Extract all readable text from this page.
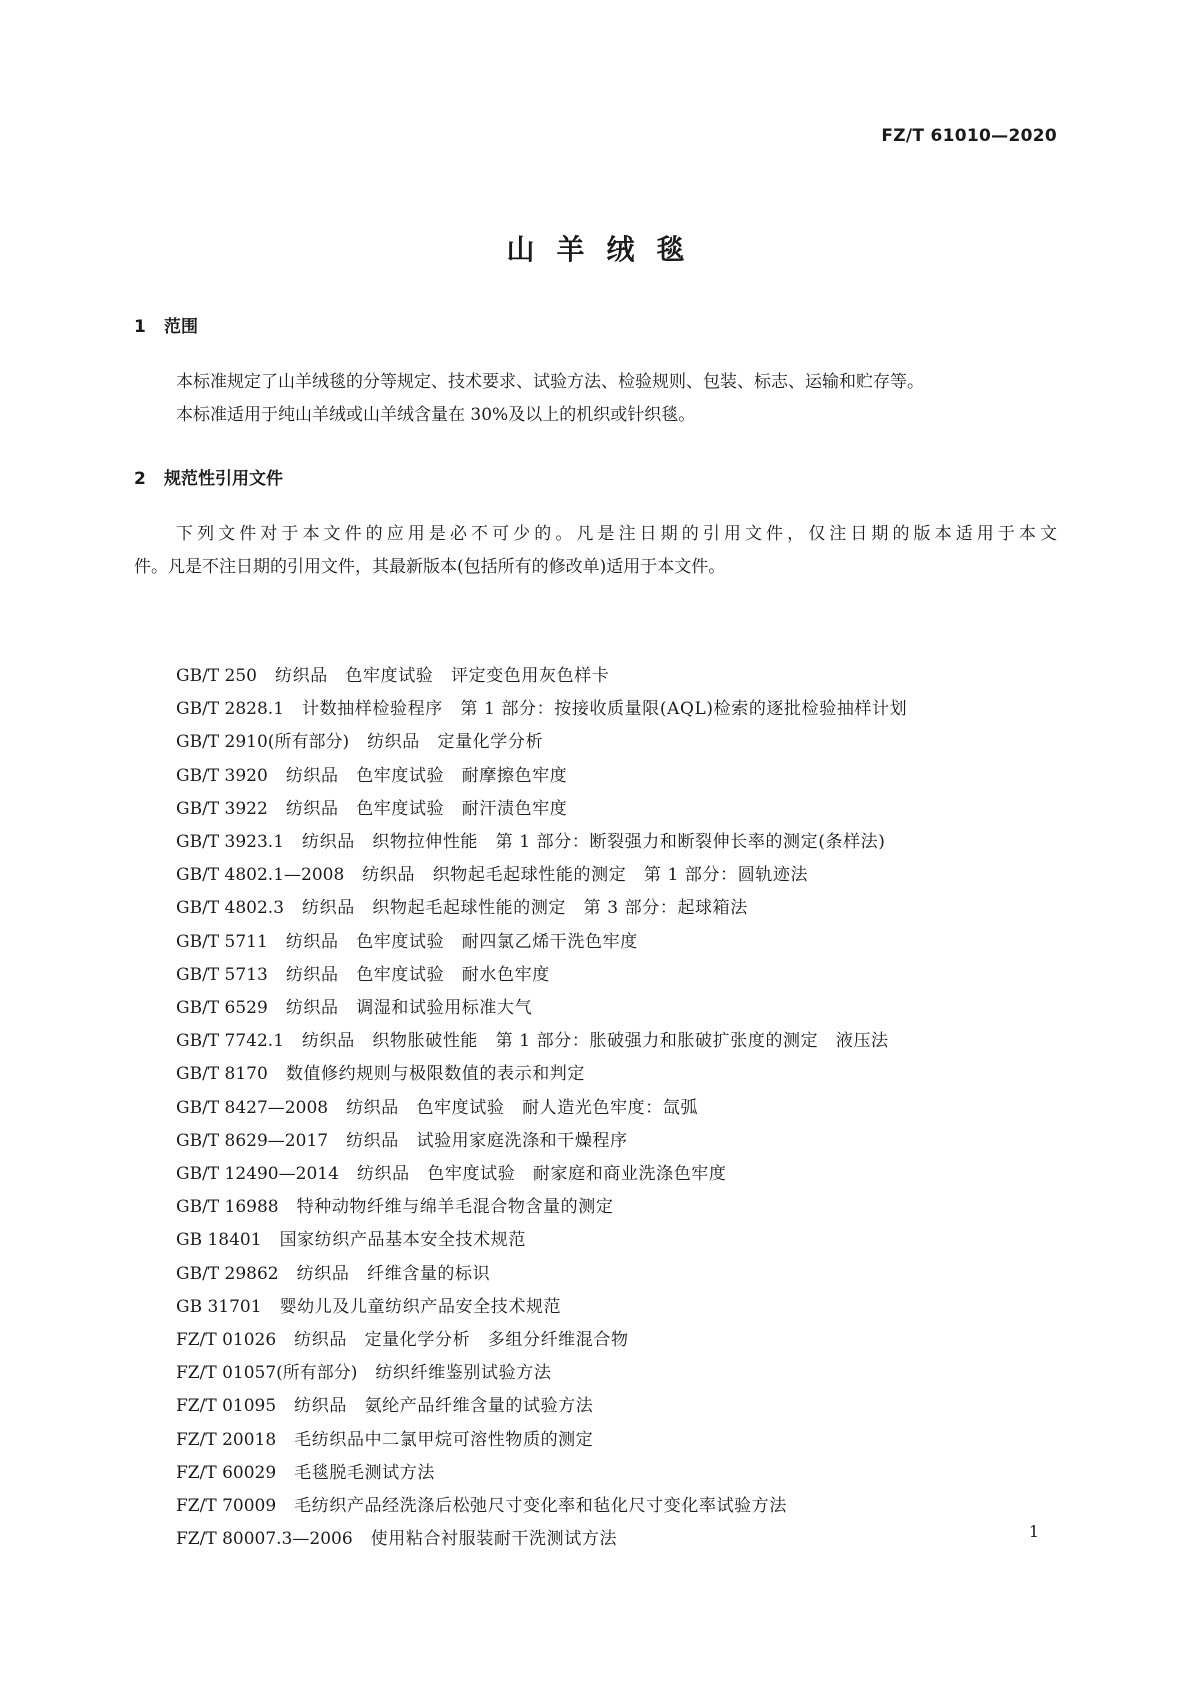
FZ/T 61010—2020
山羊绒毯
1 范围
本标准规定了山羊绒毯的分等规定、技术要求、试验方法、检验规则、包装、标志、运输和贮存等。
本标准适用于纯山羊绒或山羊绒含量在 30%及以上的机织或针织毯。
2 规范性引用文件
下列文件对于本文件的应用是必不可少的。凡是注日期的引用文件，仅注日期的版本适用于本文
件。凡是不注日期的引用文件，其最新版本(包括所有的修改单)适用于本文件。
GB/T 250 纺织品　色牢度试验　评定变色用灰色样卡
GB/T 2828.1 计数抽样检验程序　第 1 部分：按接收质量限(AQL)检索的逐批检验抽样计划
GB/T 2910(所有部分) 纺织品　定量化学分析
GB/T 3920 纺织品　色牢度试验　耐摩擦色牢度
GB/T 3922 纺织品　色牢度试验　耐汗渍色牢度
GB/T 3923.1 纺织品　织物拉伸性能　第 1 部分：断裂强力和断裂伸长率的测定(条样法)
GB/T 4802.1—2008 纺织品　织物起毛起球性能的测定　第 1 部分：圆轨迹法
GB/T 4802.3 纺织品　织物起毛起球性能的测定　第 3 部分：起球箱法
GB/T 5711 纺织品　色牢度试验　耐四氯乙烯干洗色牢度
GB/T 5713 纺织品　色牢度试验　耐水色牢度
GB/T 6529 纺织品　调湿和试验用标准大气
GB/T 7742.1 纺织品　织物胀破性能　第 1 部分：胀破强力和胀破扩张度的测定　液压法
GB/T 8170 数值修约规则与极限数值的表示和判定
GB/T 8427—2008 纺织品　色牢度试验　耐人造光色牢度：氙弧
GB/T 8629—2017 纺织品　试验用家庭洗涤和干燥程序
GB/T 12490—2014 纺织品　色牢度试验　耐家庭和商业洗涤色牢度
GB/T 16988 特种动物纤维与绵羊毛混合物含量的测定
GB 18401 国家纺织产品基本安全技术规范
GB/T 29862 纺织品　纤维含量的标识
GB 31701 婴幼儿及儿童纺织产品安全技术规范
FZ/T 01026 纺织品　定量化学分析　多组分纤维混合物
FZ/T 01057(所有部分) 纺织纤维鉴别试验方法
FZ/T 01095 纺织品　氨纶产品纤维含量的试验方法
FZ/T 20018 毛纺织品中二氯甲烷可溶性物质的测定
FZ/T 60029 毛毯脱毛测试方法
FZ/T 70009 毛纺织产品经洗涤后松弛尺寸变化率和毡化尺寸变化率试验方法
FZ/T 80007.3—2006 使用粘合衬服装耐干洗测试方法	1
